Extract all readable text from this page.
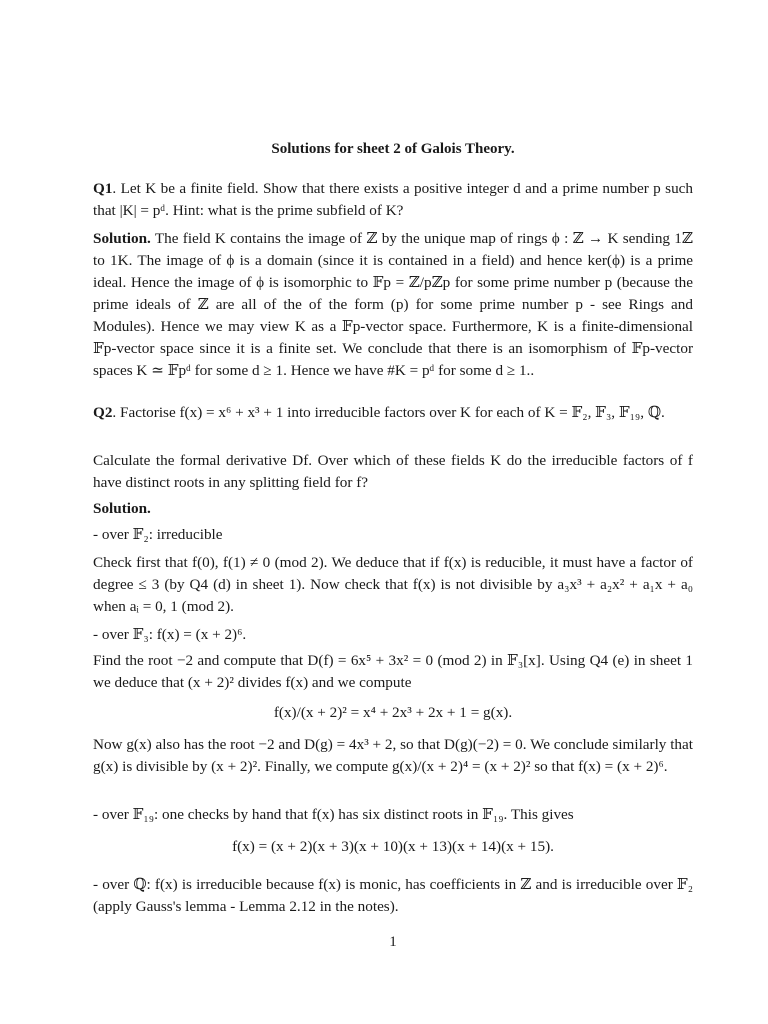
Solutions for sheet 2 of Galois Theory.

Q1. Let K be a finite field. Show that there exists a positive integer d and a prime number p such that |K| = pᵈ. Hint: what is the prime subfield of K?

Solution. The field K contains the image of ℤ by the unique map of rings ϕ : ℤ → K sending 1ℤ to 1K. The image of ϕ is a domain (since it is contained in a field) and hence ker(ϕ) is a prime ideal. Hence the image of ϕ is isomorphic to 𝔽p = ℤ/pℤp for some prime number p (because the prime ideals of ℤ are all of the of the form (p) for some prime number p - see Rings and Modules). Hence we may view K as a 𝔽p-vector space. Furthermore, K is a finite-dimensional 𝔽p-vector space since it is a finite set. We conclude that there is an isomorphism of 𝔽p-vector spaces K ≃ 𝔽pᵈ for some d ≥ 1. Hence we have #K = pᵈ for some d ≥ 1..

Q2. Factorise f(x) = x⁶ + x³ + 1 into irreducible factors over K for each of K = 𝔽₂, 𝔽₃, 𝔽₁₉, ℚ.

Calculate the formal derivative Df. Over which of these fields K do the irreducible factors of f have distinct roots in any splitting field for f?

Solution.

- over 𝔽₂: irreducible

Check first that f(0), f(1) ≠ 0 (mod 2). We deduce that if f(x) is reducible, it must have a factor of degree ≤ 3 (by Q4 (d) in sheet 1). Now check that f(x) is not divisible by a₃x³ + a₂x² + a₁x + a₀ when aᵢ = 0, 1 (mod 2).

- over 𝔽₃: f(x) = (x + 2)⁶.

Find the root −2 and compute that D(f) = 6x⁵ + 3x² = 0 (mod 2) in 𝔽₃[x]. Using Q4 (e) in sheet 1 we deduce that (x + 2)² divides f(x) and we compute

f(x)/(x + 2)² = x⁴ + 2x³ + 2x + 1 = g(x).

Now g(x) also has the root −2 and D(g) = 4x³ + 2, so that D(g)(−2) = 0. We conclude similarly that g(x) is divisible by (x + 2)². Finally, we compute g(x)/(x + 2)⁴ = (x + 2)² so that f(x) = (x + 2)⁶.

- over 𝔽₁₉: one checks by hand that f(x) has six distinct roots in 𝔽₁₉. This gives

f(x) = (x + 2)(x + 3)(x + 10)(x + 13)(x + 14)(x + 15).

- over ℚ: f(x) is irreducible because f(x) is monic, has coefficients in ℤ and is irreducible over 𝔽₂ (apply Gauss's lemma - Lemma 2.12 in the notes).

1
